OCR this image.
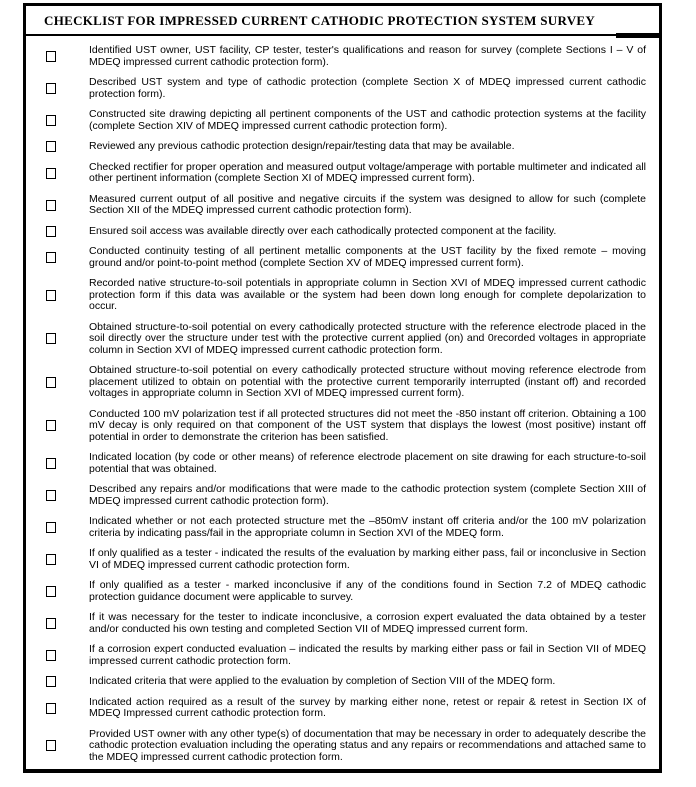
CHECKLIST FOR IMPRESSED CURRENT CATHODIC PROTECTION SYSTEM SURVEY

Identified UST owner, UST facility, CP tester, tester's qualifications and reason for survey (complete Sections I – V of MDEQ impressed current cathodic protection form).

Described UST system and type of cathodic protection (complete Section X of MDEQ impressed current cathodic protection form).

Constructed site drawing depicting all pertinent components of the UST and cathodic protection systems at the facility (complete Section XIV of MDEQ impressed current cathodic protection form).

Reviewed any previous cathodic protection design/repair/testing data that may be available.

Checked rectifier for proper operation and measured output voltage/amperage with portable multimeter and indicated all other pertinent information (complete Section XI of MDEQ impressed current form).

Measured current output of all positive and negative circuits if the system was designed to allow for such (complete Section XII of the MDEQ impressed current cathodic protection form).

Ensured soil access was available directly over each cathodically protected component at the facility.

Conducted continuity testing of all pertinent metallic components at the UST facility by the fixed remote – moving ground and/or point-to-point method (complete Section XV of MDEQ impressed current form).

Recorded native structure-to-soil potentials in appropriate column in Section XVI of MDEQ impressed current cathodic protection form if this data was available or the system had been down long enough for complete depolarization to occur.

Obtained structure-to-soil potential on every cathodically protected structure with the reference electrode placed in the soil directly over the structure under test with the protective current applied (on) and 0recorded voltages in appropriate column in Section XVI of MDEQ impressed current cathodic protection form.

Obtained structure-to-soil potential on every cathodically protected structure without moving reference electrode from placement utilized to obtain on potential with the protective current temporarily interrupted (instant off) and recorded voltages in appropriate column in Section XVI of MDEQ impressed current form).

Conducted 100 mV polarization test if all protected structures did not meet the -850 instant off criterion. Obtaining a 100 mV decay is only required on that component of the UST system that displays the lowest (most positive) instant off potential in order to demonstrate the criterion has been satisfied.

Indicated location (by code or other means) of reference electrode placement on site drawing for each structure-to-soil potential that was obtained.

Described any repairs and/or modifications that were made to the cathodic protection system (complete Section XIII of MDEQ impressed current cathodic protection form).

Indicated whether or not each protected structure met the –850mV instant off criteria and/or the 100 mV polarization criteria by indicating pass/fail in the appropriate column in Section XVI of the MDEQ form.

If only qualified as a tester - indicated the results of the evaluation by marking either pass, fail or inconclusive in Section VI of MDEQ impressed current cathodic protection form.

If only qualified as a tester - marked inconclusive if any of the conditions found in Section 7.2 of MDEQ cathodic protection guidance document were applicable to survey.

If it was necessary for the tester to indicate inconclusive, a corrosion expert evaluated the data obtained by a tester and/or conducted his own testing and completed Section VII of MDEQ impressed current form.

If a corrosion expert conducted evaluation – indicated the results by marking either pass or fail in Section VII of MDEQ impressed current cathodic protection form.

Indicated criteria that were applied to the evaluation by completion of Section VIII of the MDEQ form.

Indicated action required as a result of the survey by marking either none, retest or repair & retest in Section IX of MDEQ Impressed current cathodic protection form.

Provided UST owner with any other type(s) of documentation that may be necessary in order to adequately describe the cathodic protection evaluation including the operating status and any repairs or recommendations and attached same to the MDEQ impressed current cathodic protection form.
